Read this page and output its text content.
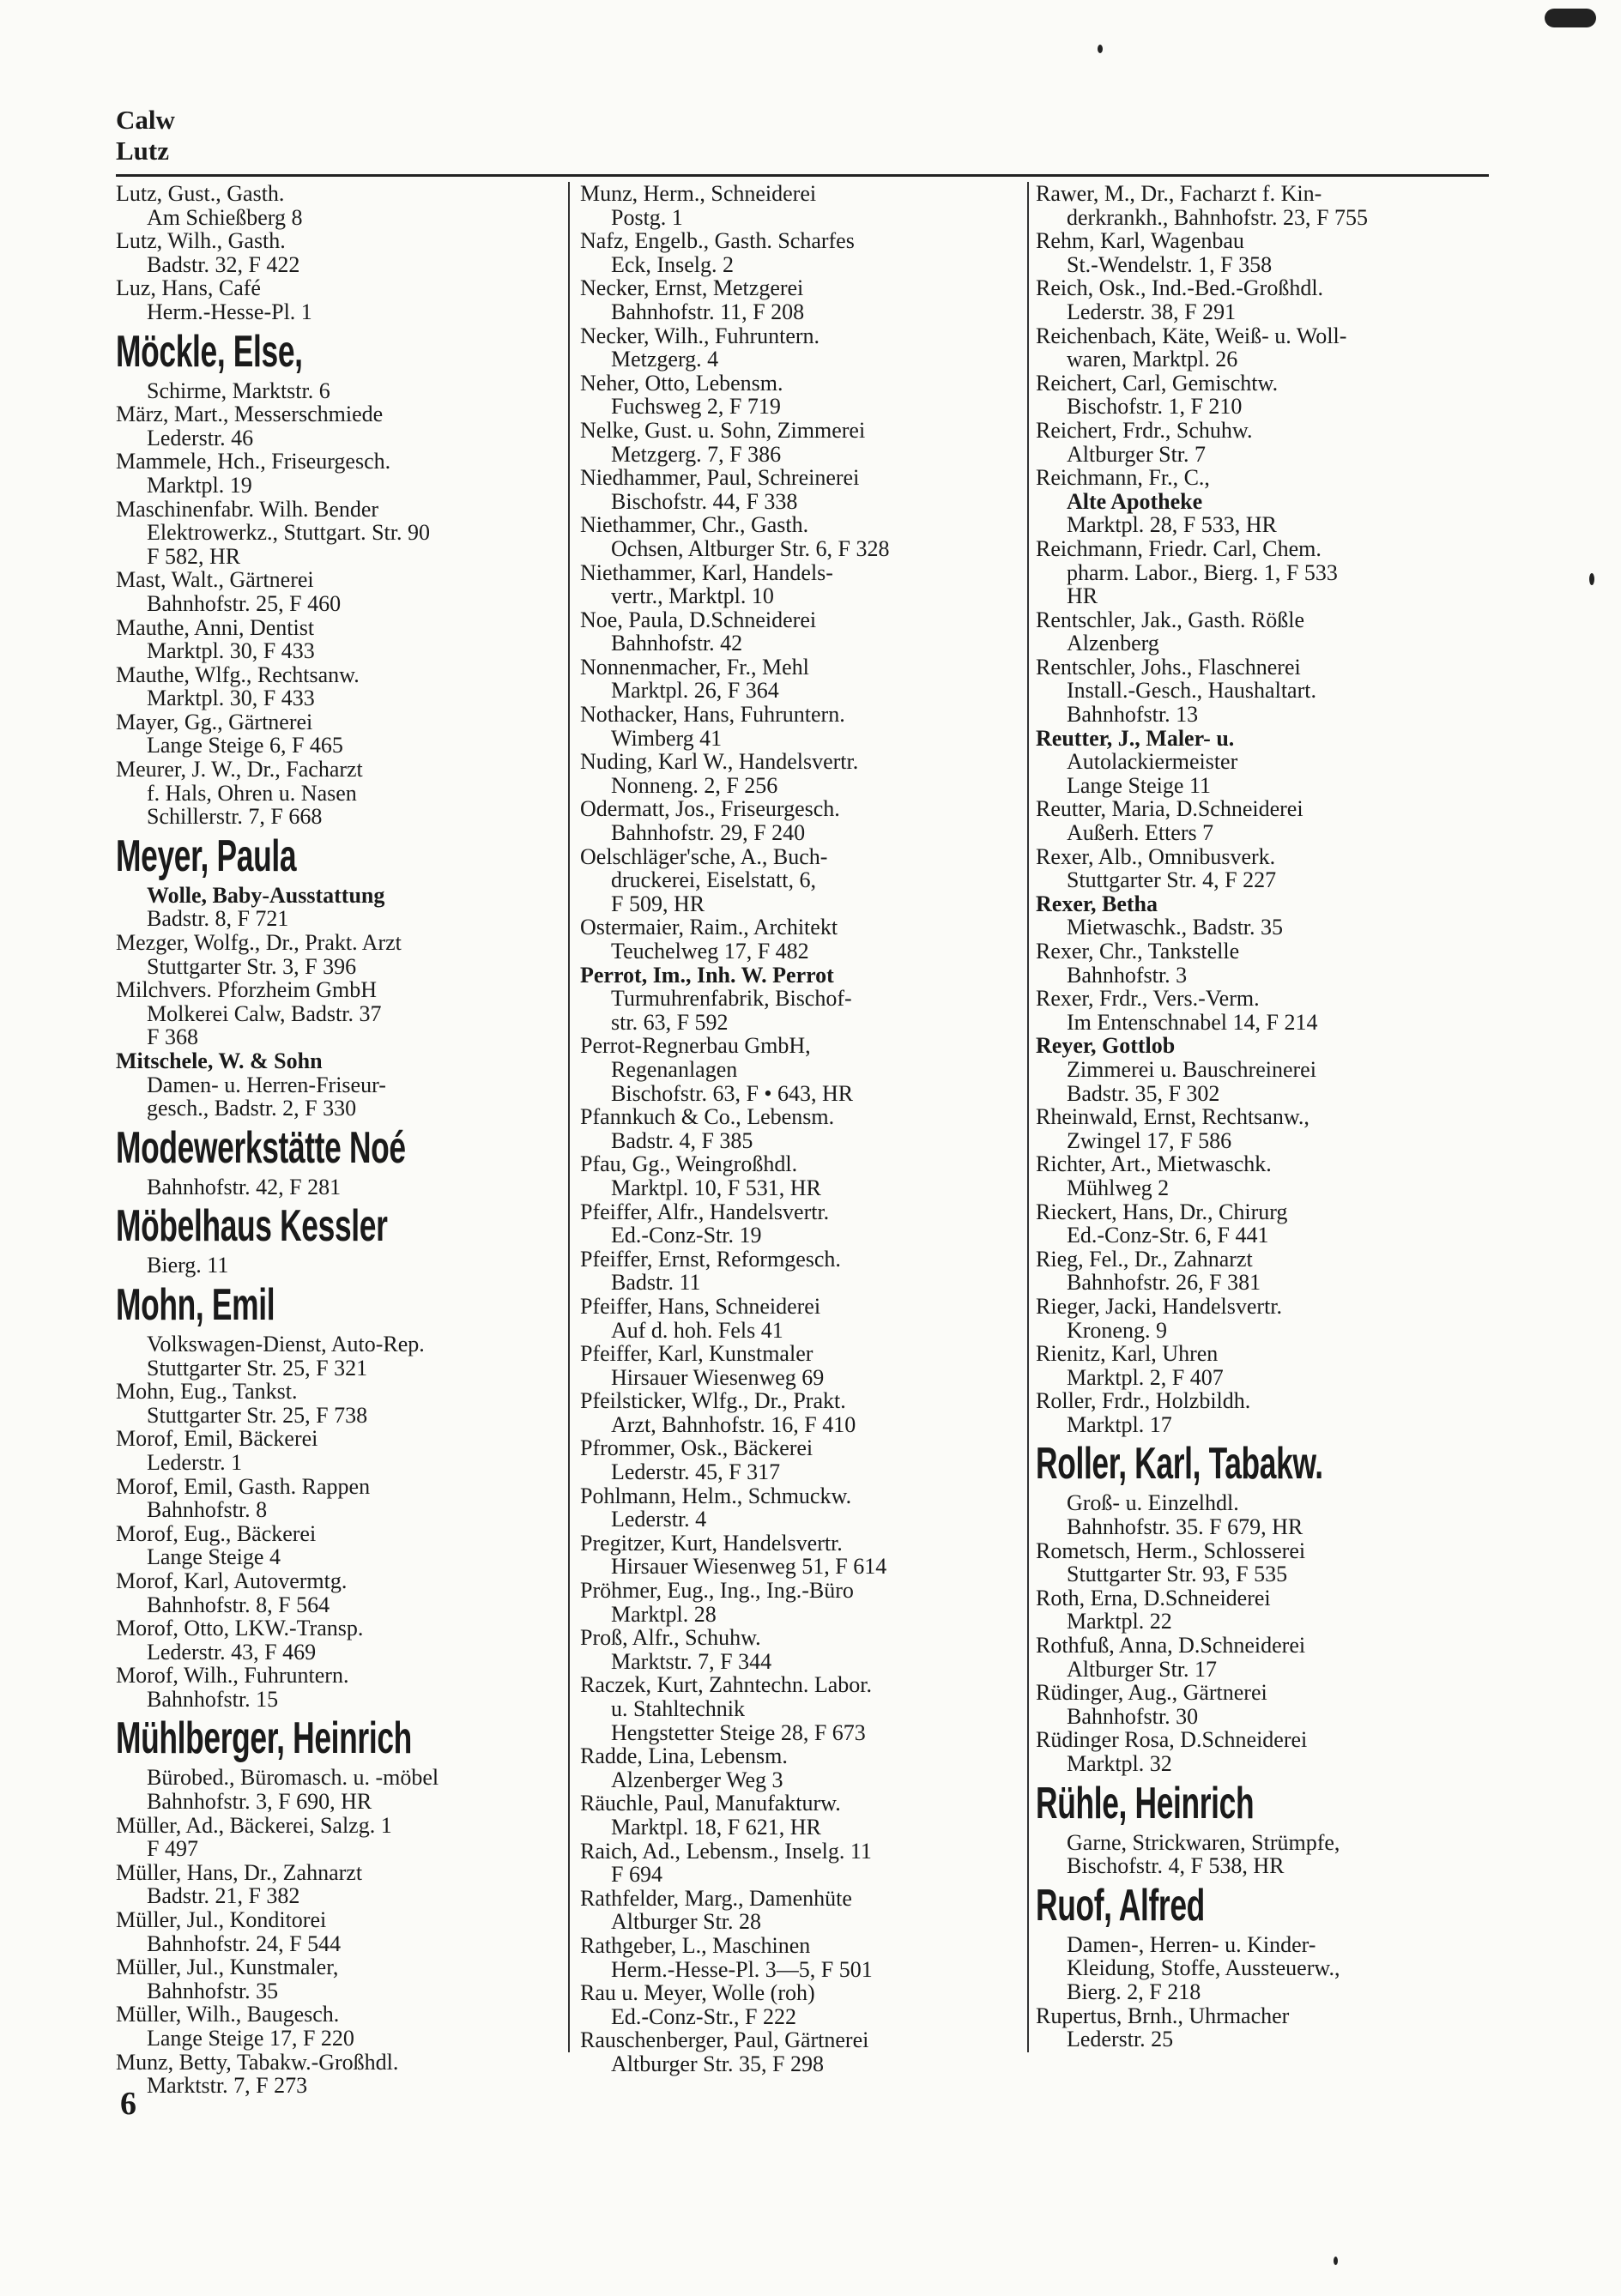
Calw
Lutz
Lutz, Gust., Gasth.
Am Schießberg 8
Lutz, Wilh., Gasth.
Badstr. 32, F 422
Luz, Hans, Café
Herm.-Hesse-Pl. 1
Möckle, Else,
Schirme, Marktstr. 6
März, Mart., Messerschmiede
Lederstr. 46
Mammele, Hch., Friseurgesch.
Marktpl. 19
Maschinenfabr. Wilh. Bender
Elektrowerkz., Stuttgart. Str. 90
F 582, HR
Mast, Walt., Gärtnerei
Bahnhofstr. 25, F 460
Mauthe, Anni, Dentist
Marktpl. 30, F 433
Mauthe, Wlfg., Rechtsanw.
Marktpl. 30, F 433
Mayer, Gg., Gärtnerei
Lange Steige 6, F 465
Meurer, J. W., Dr., Facharzt
f. Hals, Ohren u. Nasen
Schillerstr. 7, F 668
Meyer, Paula
Wolle, Baby-Ausstattung
Badstr. 8, F 721
Mezger, Wolfg., Dr., Prakt. Arzt
Stuttgarter Str. 3, F 396
Milchvers. Pforzheim GmbH
Molkerei Calw, Badstr. 37
F 368
Mitschele, W. & Sohn
Damen- u. Herren-Friseur-
gesch., Badstr. 2, F 330
Modewerkstätte Noé
Bahnhofstr. 42, F 281
Möbelhaus Kessler
Bierg. 11
Mohn, Emil
Volkswagen-Dienst, Auto-Rep.
Stuttgarter Str. 25, F 321
Mohn, Eug., Tankst.
Stuttgarter Str. 25, F 738
Morof, Emil, Bäckerei
Lederstr. 1
Morof, Emil, Gasth. Rappen
Bahnhofstr. 8
Morof, Eug., Bäckerei
Lange Steige 4
Morof, Karl, Autovermtg.
Bahnhofstr. 8, F 564
Morof, Otto, LKW.-Transp.
Lederstr. 43, F 469
Morof, Wilh., Fuhruntern.
Bahnhofstr. 15
Mühlberger, Heinrich
Bürobed., Büromasch. u. -möbel
Bahnhofstr. 3, F 690, HR
Müller, Ad., Bäckerei, Salzg. 1
F 497
Müller, Hans, Dr., Zahnarzt
Badstr. 21, F 382
Müller, Jul., Konditorei
Bahnhofstr. 24, F 544
Müller, Jul., Kunstmaler,
Bahnhofstr. 35
Müller, Wilh., Baugesch.
Lange Steige 17, F 220
Munz, Betty, Tabakw.-Großhdl.
Marktstr. 7, F 273
Munz, Herm., Schneiderei
Postg. 1
Nafz, Engelb., Gasth. Scharfes
Eck, Inselg. 2
Necker, Ernst, Metzgerei
Bahnhofstr. 11, F 208
Necker, Wilh., Fuhruntern.
Metzgerg. 4
Neher, Otto, Lebensm.
Fuchsweg 2, F 719
Nelke, Gust. u. Sohn, Zimmerei
Metzgerg. 7, F 386
Niedhammer, Paul, Schreinerei
Bischofstr. 44, F 338
Niethammer, Chr., Gasth.
Ochsen, Altburger Str. 6, F 328
Niethammer, Karl, Handels-
vertr., Marktpl. 10
Noe, Paula, D.Schneiderei
Bahnhofstr. 42
Nonnenmacher, Fr., Mehl
Marktpl. 26, F 364
Nothacker, Hans, Fuhruntern.
Wimberg 41
Nuding, Karl W., Handelsvertr.
Nonneng. 2, F 256
Odermatt, Jos., Friseurgesch.
Bahnhofstr. 29, F 240
Oelschläger'sche, A., Buch-
druckerei, Eiselstatt, 6,
F 509, HR
Ostermaier, Raim., Architekt
Teuchelweg 17, F 482
Perrot, Im., Inh. W. Perrot
Turmuhrenfabrik, Bischof-
str. 63, F 592
Perrot-Regnerbau GmbH,
Regenanlagen
Bischofstr. 63, F • 643, HR
Pfannkuch & Co., Lebensm.
Badstr. 4, F 385
Pfau, Gg., Weingroßhdl.
Marktpl. 10, F 531, HR
Pfeiffer, Alfr., Handelsvertr.
Ed.-Conz-Str. 19
Pfeiffer, Ernst, Reformgesch.
Badstr. 11
Pfeiffer, Hans, Schneiderei
Auf d. hoh. Fels 41
Pfeiffer, Karl, Kunstmaler
Hirsauer Wiesenweg 69
Pfeilsticker, Wlfg., Dr., Prakt.
Arzt, Bahnhofstr. 16, F 410
Pfrommer, Osk., Bäckerei
Lederstr. 45, F 317
Pohlmann, Helm., Schmuckw.
Lederstr. 4
Pregitzer, Kurt, Handelsvertr.
Hirsauer Wiesenweg 51, F 614
Pröhmer, Eug., Ing., Ing.-Büro
Marktpl. 28
Proß, Alfr., Schuhw.
Marktstr. 7, F 344
Raczek, Kurt, Zahntechn. Labor.
u. Stahltechnik
Hengstetter Steige 28, F 673
Radde, Lina, Lebensm.
Alzenberger Weg 3
Räuchle, Paul, Manufakturw.
Marktpl. 18, F 621, HR
Raich, Ad., Lebensm., Inselg. 11
F 694
Rathfelder, Marg., Damenhüte
Altburger Str. 28
Rathgeber, L., Maschinen
Herm.-Hesse-Pl. 3—5, F 501
Rau u. Meyer, Wolle (roh)
Ed.-Conz-Str., F 222
Rauschenberger, Paul, Gärtnerei
Altburger Str. 35, F 298
Rawer, M., Dr., Facharzt f. Kin-
derkrankh., Bahnhofstr. 23, F 755
Rehm, Karl, Wagenbau
St.-Wendelstr. 1, F 358
Reich, Osk., Ind.-Bed.-Großhdl.
Lederstr. 38, F 291
Reichenbach, Käte, Weiß- u. Woll-
waren, Marktpl. 26
Reichert, Carl, Gemischtw.
Bischofstr. 1, F 210
Reichert, Frdr., Schuhw.
Altburger Str. 7
Reichmann, Fr., C.,
Alte Apotheke
Marktpl. 28, F 533, HR
Reichmann, Friedr. Carl, Chem.
pharm. Labor., Bierg. 1, F 533
HR
Rentschler, Jak., Gasth. Rößle
Alzenberg
Rentschler, Johs., Flaschnerei
Install.-Gesch., Haushaltart.
Bahnhofstr. 13
Reutter, J., Maler- u.
Autolackiermeister
Lange Steige 11
Reutter, Maria, D.Schneiderei
Außerh. Etters 7
Rexer, Alb., Omnibusverk.
Stuttgarter Str. 4, F 227
Rexer, Betha
Mietwaschk., Badstr. 35
Rexer, Chr., Tankstelle
Bahnhofstr. 3
Rexer, Frdr., Vers.-Verm.
Im Entenschnabel 14, F 214
Reyer, Gottlob
Zimmerei u. Bauschreinerei
Badstr. 35, F 302
Rheinwald, Ernst, Rechtsanw.,
Zwingel 17, F 586
Richter, Art., Mietwaschk.
Mühlweg 2
Rieckert, Hans, Dr., Chirurg
Ed.-Conz-Str. 6, F 441
Rieg, Fel., Dr., Zahnarzt
Bahnhofstr. 26, F 381
Rieger, Jacki, Handelsvertr.
Kroneng. 9
Rienitz, Karl, Uhren
Marktpl. 2, F 407
Roller, Frdr., Holzbildh.
Marktpl. 17
Roller, Karl, Tabakw.
Groß- u. Einzelhdl.
Bahnhofstr. 35. F 679, HR
Rometsch, Herm., Schlosserei
Stuttgarter Str. 93, F 535
Roth, Erna, D.Schneiderei
Marktpl. 22
Rothfuß, Anna, D.Schneiderei
Altburger Str. 17
Rüdinger, Aug., Gärtnerei
Bahnhofstr. 30
Rüdinger Rosa, D.Schneiderei
Marktpl. 32
Rühle, Heinrich
Garne, Strickwaren, Strümpfe,
Bischofstr. 4, F 538, HR
Ruof, Alfred
Damen-, Herren- u. Kinder-
Kleidung, Stoffe, Aussteuerw.,
Bierg. 2, F 218
Rupertus, Brnh., Uhrmacher
Lederstr. 25
6
